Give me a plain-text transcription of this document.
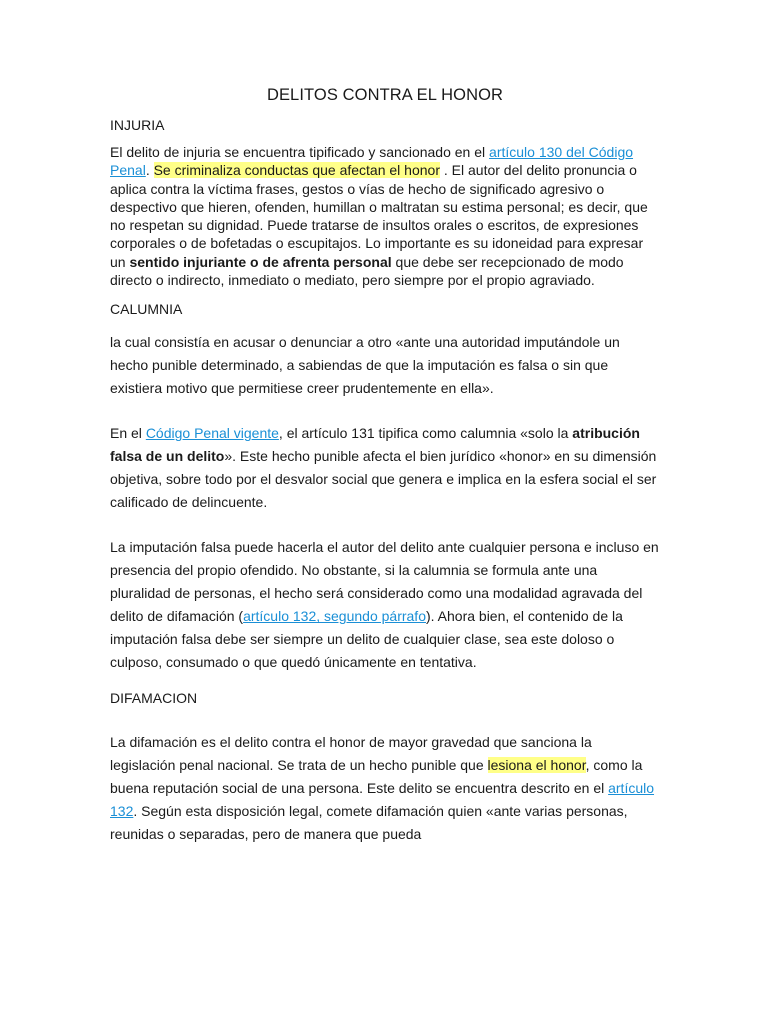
DELITOS CONTRA EL HONOR
INJURIA

El delito de injuria se encuentra tipificado y sancionado en el artículo 130 del Código Penal. Se criminaliza conductas que afectan el honor . El autor del delito pronuncia o aplica contra la víctima frases, gestos o vías de hecho de significado agresivo o despectivo que hieren, ofenden, humillan o maltratan su estima personal; es decir, que no respetan su dignidad. Puede tratarse de insultos orales o escritos, de expresiones corporales o de bofetadas o escupitajos. Lo importante es su idoneidad para expresar un sentido injuriante o de afrenta personal que debe ser recepcionado de modo directo o indirecto, inmediato o mediato, pero siempre por el propio agraviado.

CALUMNIA

la cual consistía en acusar o denunciar a otro «ante una autoridad imputándole un hecho punible determinado, a sabiendas de que la imputación es falsa o sin que existiera motivo que permitiese creer prudentemente en ella».

En el Código Penal vigente, el artículo 131 tipifica como calumnia «solo la atribución falsa de un delito». Este hecho punible afecta el bien jurídico «honor» en su dimensión objetiva, sobre todo por el desvalor social que genera e implica en la esfera social el ser calificado de delincuente.

La imputación falsa puede hacerla el autor del delito ante cualquier persona e incluso en presencia del propio ofendido. No obstante, si la calumnia se formula ante una pluralidad de personas, el hecho será considerado como una modalidad agravada del delito de difamación (artículo 132, segundo párrafo). Ahora bien, el contenido de la imputación falsa debe ser siempre un delito de cualquier clase, sea este doloso o culposo, consumado o que quedó únicamente en tentativa.

DIFAMACION

La difamación es el delito contra el honor de mayor gravedad que sanciona la legislación penal nacional. Se trata de un hecho punible que lesiona el honor, como la buena reputación social de una persona. Este delito se encuentra descrito en el artículo 132. Según esta disposición legal, comete difamación quien «ante varias personas, reunidas o separadas, pero de manera que pueda
